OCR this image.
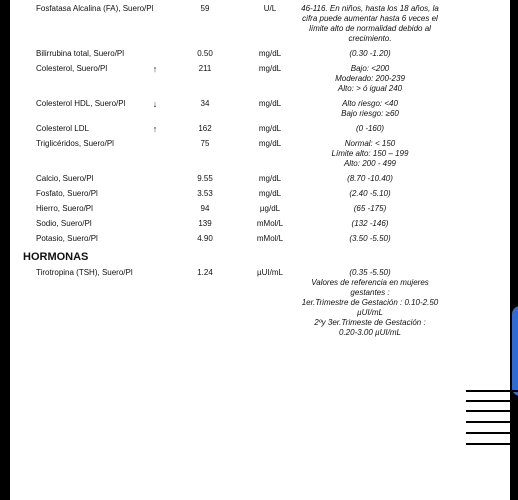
Fosfatasa Alcalina (FA), Suero/Pl	59	U/L	46-116. En niños, hasta los 18 años, la
cifra puede aumentar hasta 6 veces el
límite alto de normalidad debido al
crecimiento.
Bilirrubina total, Suero/Pl	0.50	mg/dL	(0.30 -1.20)
Colesterol, Suero/Pl	↑	211	mg/dL	Bajo: <200
Moderado: 200-239
Alto: > ó igual 240
Colesterol HDL, Suero/Pl	↓	34	mg/dL	Alto riesgo: <40
Bajo riesgo: ≥60
Colesterol LDL	↑	162	mg/dL	(0 -160)
Triglicéridos, Suero/Pl	75	mg/dL	Normal: < 150
Límite alto: 150 – 199
Alto: 200 - 499
Calcio, Suero/Pl	9.55	mg/dL	(8.70 -10.40)
Fosfato, Suero/Pl	3.53	mg/dL	(2.40 -5.10)
Hierro, Suero/Pl	94	µg/dL	(65 -175)
Sodio, Suero/Pl	139	mMol/L	(132 -146)
Potasio, Suero/Pl	4.90	mMol/L	(3.50 -5.50)
HORMONAS
Tirotropina (TSH), Suero/Pl	1.24	µUI/mL	(0.35 -5.50)
Valores de referencia en mujeres
gestantes :
1er.Trimestre de Gestación : 0.10-2.50
µUI/mL
2ºy 3er.Trimeste de Gestación :
0.20-3.00 µUI/mL
